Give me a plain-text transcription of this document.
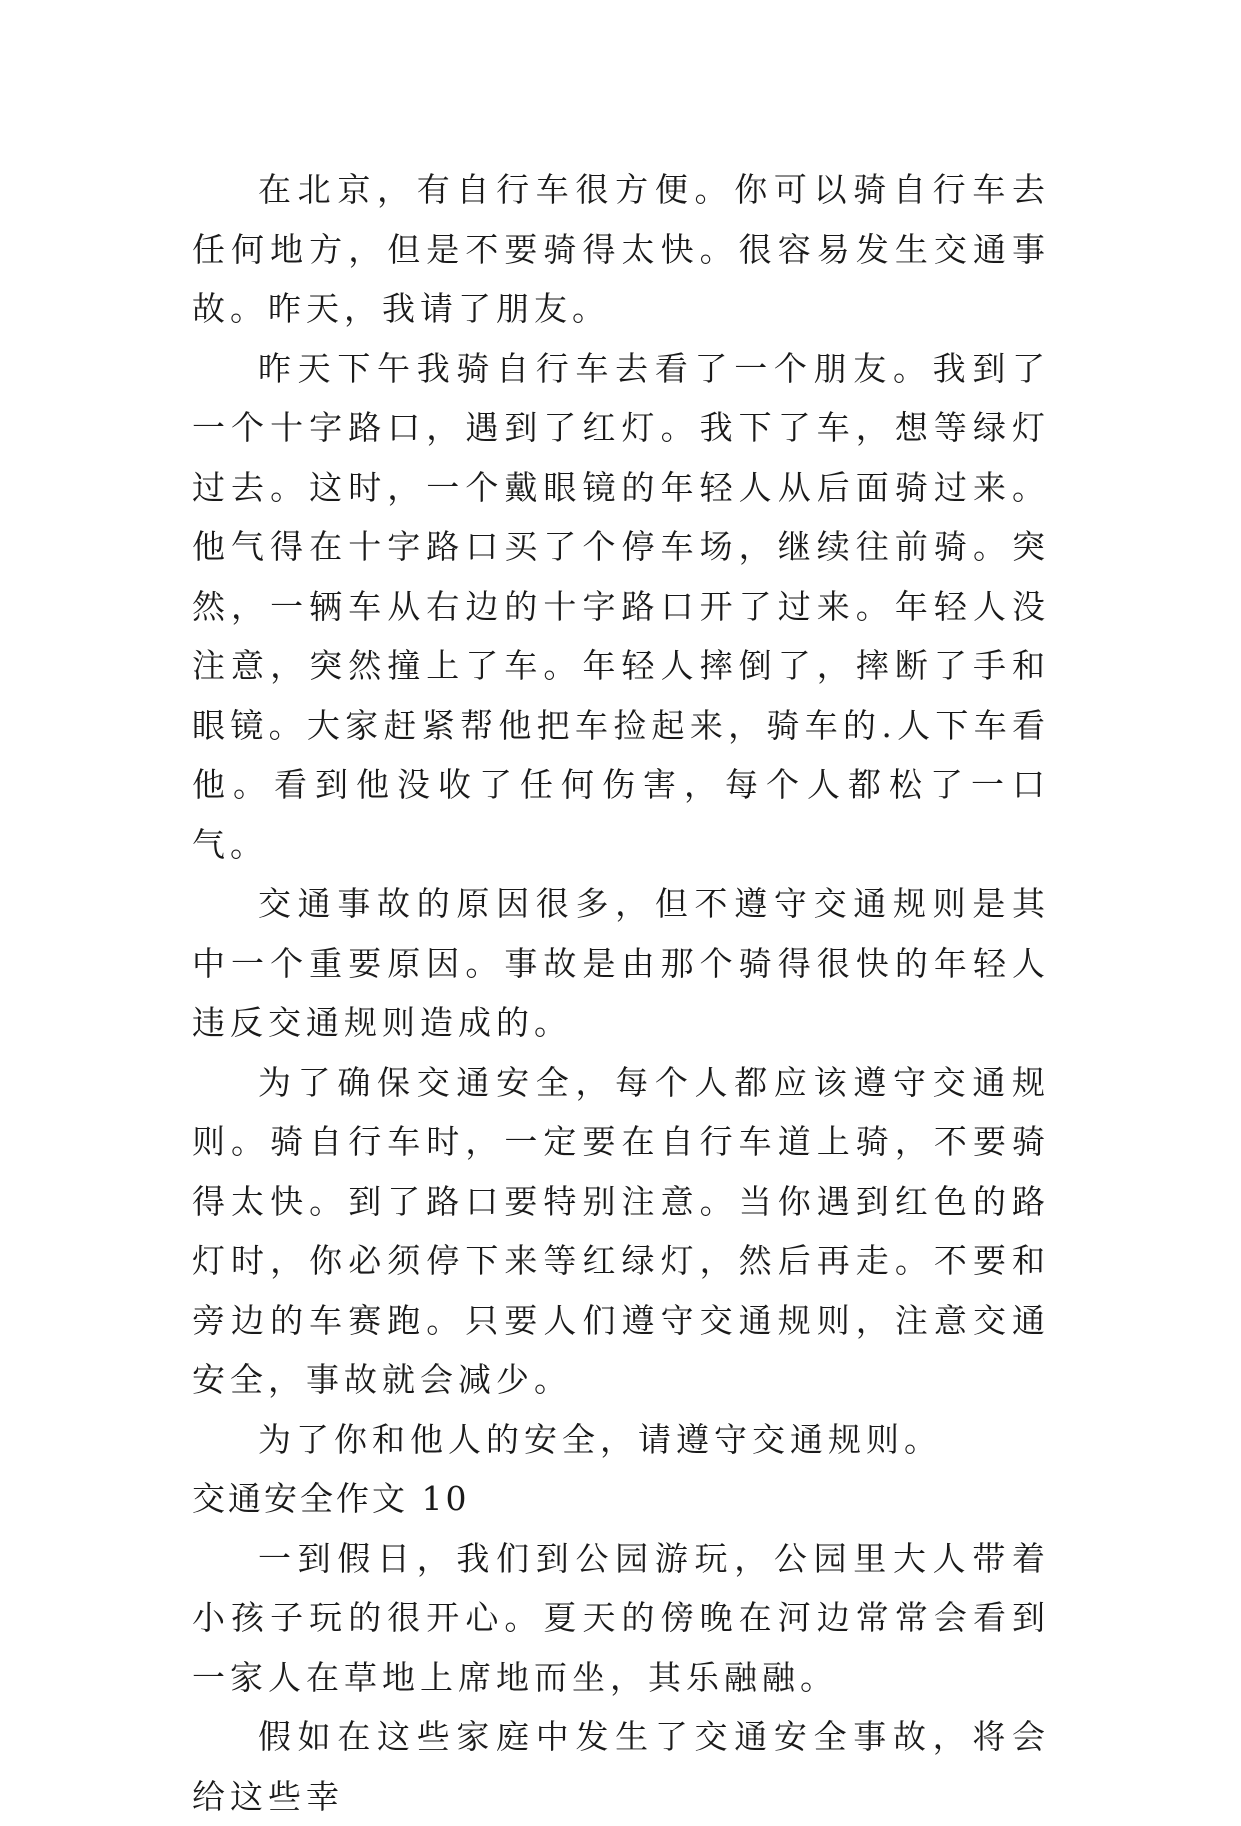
在北京，有自行车很方便。你可以骑自行车去任何地方，但是不要骑得太快。很容易发生交通事故。昨天，我请了朋友。

昨天下午我骑自行车去看了一个朋友。我到了一个十字路口，遇到了红灯。我下了车，想等绿灯过去。这时，一个戴眼镜的年轻人从后面骑过来。他气得在十字路口买了个停车场，继续往前骑。突然，一辆车从右边的十字路口开了过来。年轻人没注意，突然撞上了车。年轻人摔倒了，摔断了手和眼镜。大家赶紧帮他把车捡起来，骑车的.人下车看他。看到他没收了任何伤害，每个人都松了一口气。

交通事故的原因很多，但不遵守交通规则是其中一个重要原因。事故是由那个骑得很快的年轻人违反交通规则造成的。

为了确保交通安全，每个人都应该遵守交通规则。骑自行车时，一定要在自行车道上骑，不要骑得太快。到了路口要特别注意。当你遇到红色的路灯时，你必须停下来等红绿灯，然后再走。不要和旁边的车赛跑。只要人们遵守交通规则，注意交通安全，事故就会减少。

为了你和他人的安全，请遵守交通规则。

交通安全作文 10

一到假日，我们到公园游玩，公园里大人带着小孩子玩的很开心。夏天的傍晚在河边常常会看到一家人在草地上席地而坐，其乐融融。

假如在这些家庭中发生了交通安全事故，将会给这些幸
